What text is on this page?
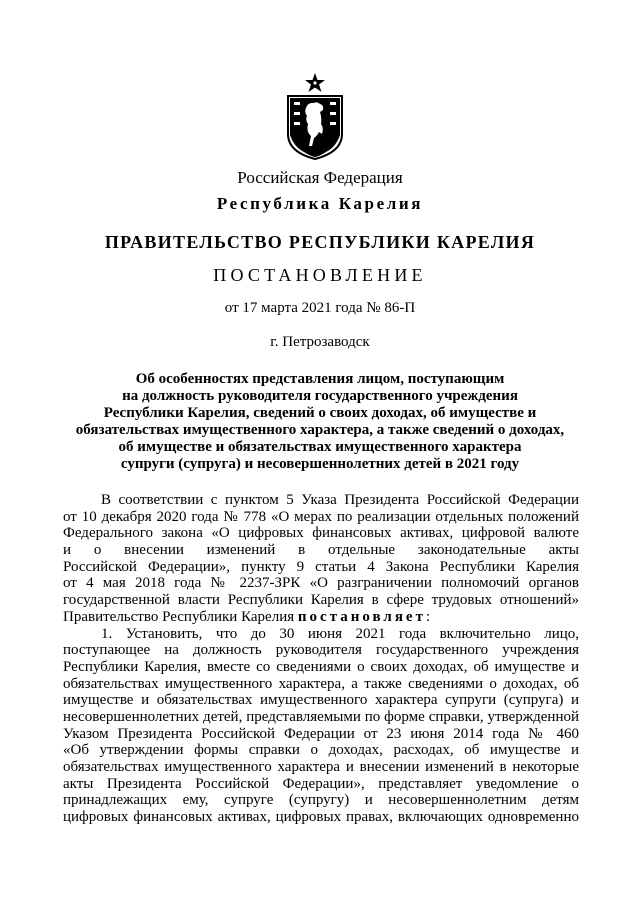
Российская Федерация
Республика Карелия
ПРАВИТЕЛЬСТВО РЕСПУБЛИКИ КАРЕЛИЯ
ПОСТАНОВЛЕНИЕ
от 17 марта 2021 года № 86-П
г. Петрозаводск
Об особенностях представления лицом, поступающим
на должность руководителя государственного учреждения
Республики Карелия, сведений о своих доходах, об имуществе и
обязательствах имущественного характера, а также сведений о доходах,
об имуществе и обязательствах имущественного характера
супруги (супруга) и несовершеннолетних детей в 2021 году
В соответствии с пунктом 5 Указа Президента Российской Федерации
от 10 декабря 2020 года № 778 «О мерах по реализации отдельных положений
Федерального закона «О цифровых финансовых активах, цифровой валюте
и о внесении изменений в отдельные законодательные акты
Российской Федерации», пункту 9 статьи 4 Закона Республики Карелия
от 4 мая 2018 года № 2237-ЗРК «О разграничении полномочий органов
государственной власти Республики Карелия в сфере трудовых отношений»
Правительство Республики Карелия постановляет:
1. Установить, что до 30 июня 2021 года включительно лицо,
поступающее на должность руководителя государственного учреждения
Республики Карелия, вместе со сведениями о своих доходах, об имуществе и
обязательствах имущественного характера, а также сведениями о доходах, об
имуществе и обязательствах имущественного характера супруги (супруга) и
несовершеннолетних детей, представляемыми по форме справки, утвержденной
Указом Президента Российской Федерации от 23 июня 2014 года № 460
«Об утверждении формы справки о доходах, расходах, об имуществе и
обязательствах имущественного характера и внесении изменений в некоторые
акты Президента Российской Федерации», представляет уведомление о
принадлежащих ему, супруге (супругу) и несовершеннолетним детям
цифровых финансовых активах, цифровых правах, включающих одновременно
